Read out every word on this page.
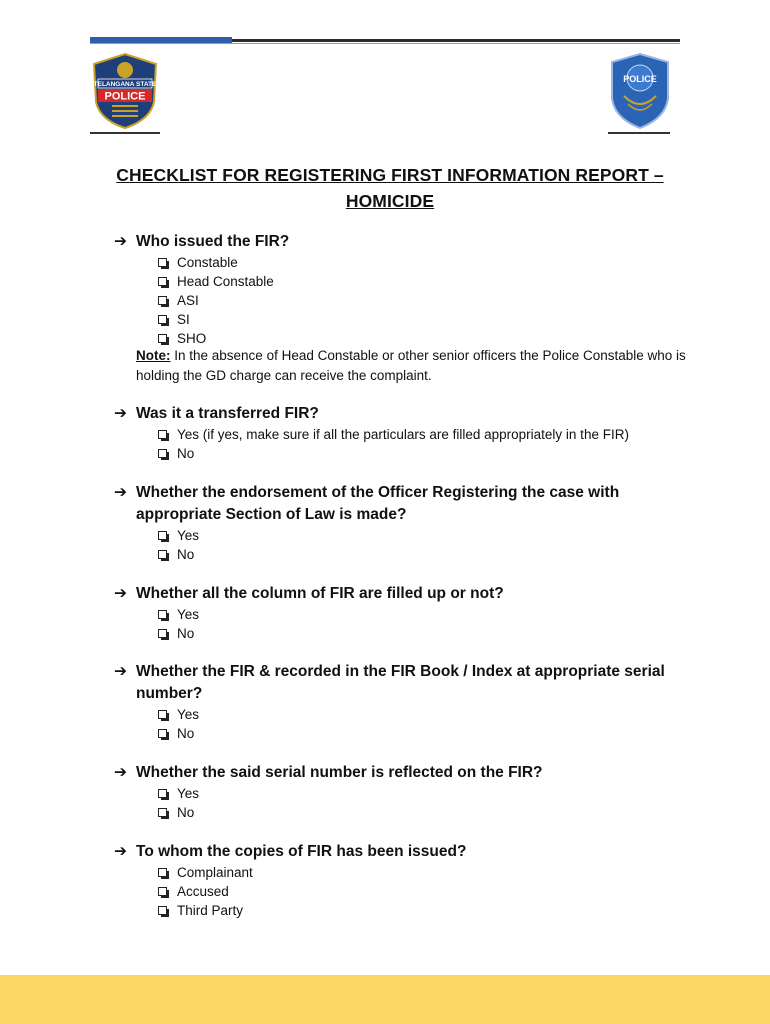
TELANGANA STATE
POLICE
POLICE
CHECKLIST FOR REGISTERING FIRST INFORMATION REPORT –
HOMICIDE
➔ Who issued the FIR?
Constable
Head Constable
ASI
SI
SHO
Note: In the absence of Head Constable or other senior officers the Police Constable who is holding the GD charge can receive the complaint.
➔ Was it a transferred FIR?
Yes (if yes, make sure if all the particulars are filled appropriately in the FIR)
No
➔ Whether the endorsement of the Officer Registering the case with appropriate Section of Law is made?
Yes
No
➔ Whether all the column of FIR are filled up or not?
Yes
No
➔ Whether the FIR & recorded in the FIR Book / Index at appropriate serial number?
Yes
No
➔ Whether the said serial number is reflected on the FIR?
Yes
No
➔ To whom the copies of FIR has been issued?
Complainant
Accused
Third Party
